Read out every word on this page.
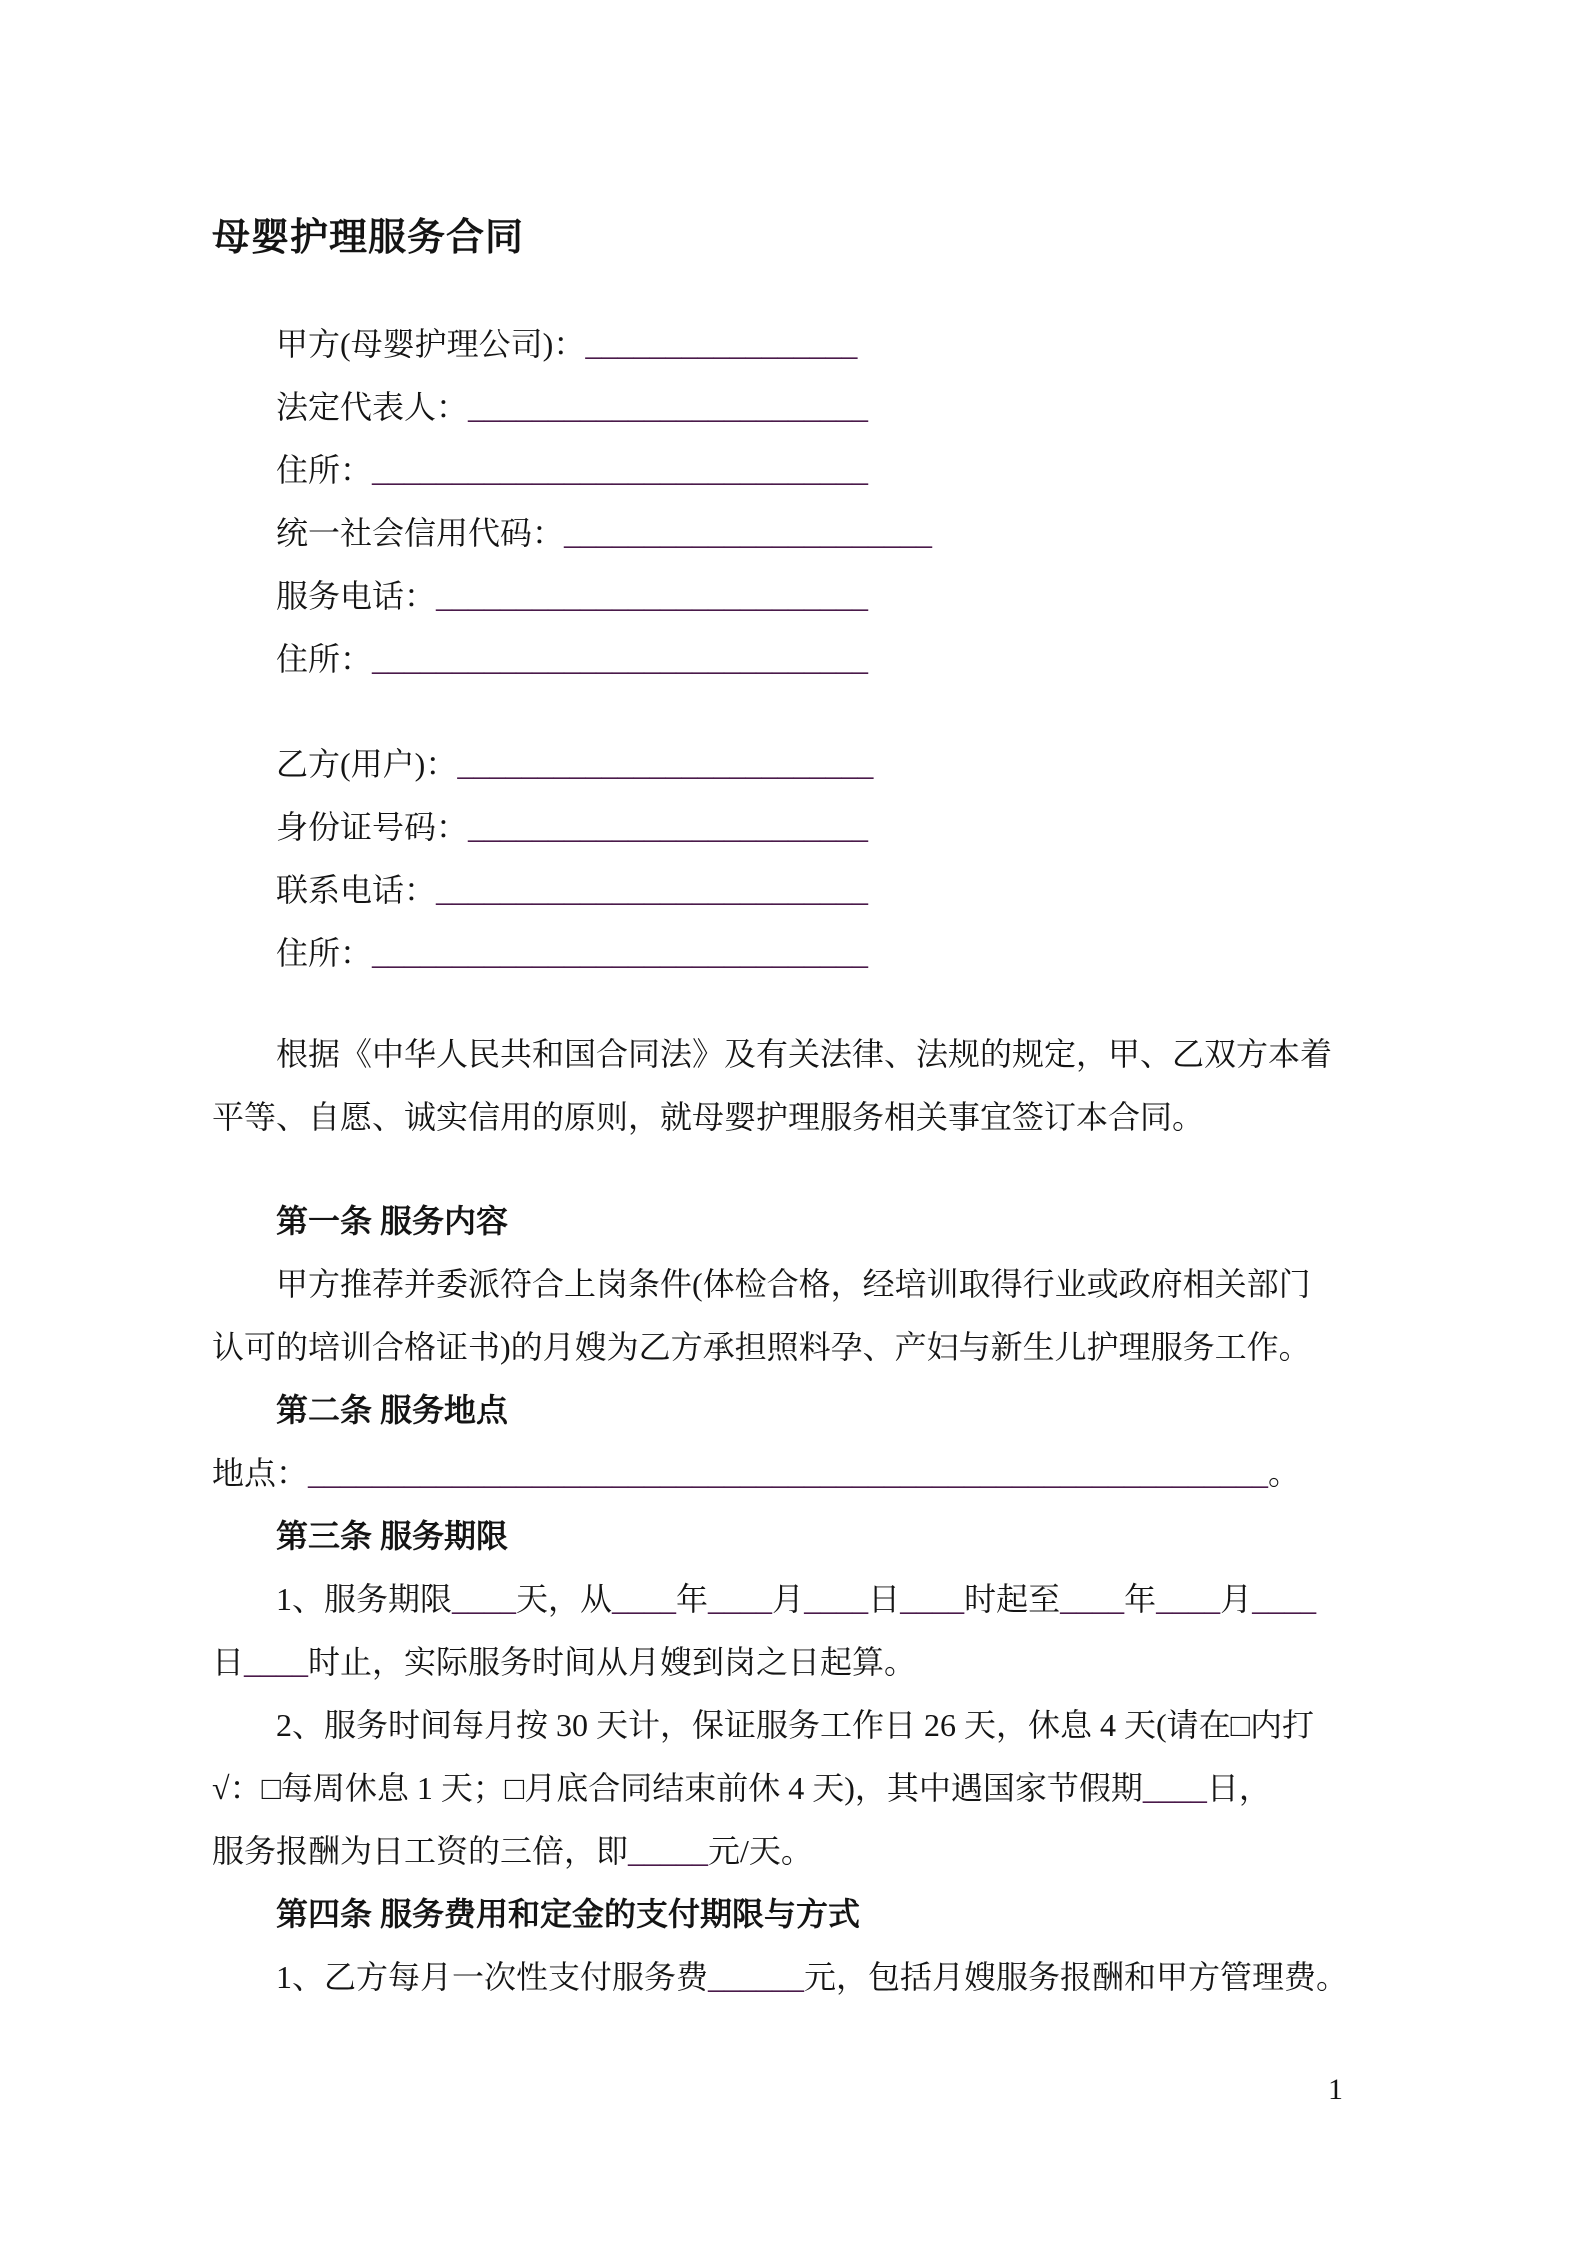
母婴护理服务合同
甲方(母婴护理公司)：_________________
法定代表人：_________________________
住所：_______________________________
统一社会信用代码：_______________________
服务电话：___________________________
住所：_______________________________
乙方(用户)：__________________________
身份证号码：_________________________
联系电话：___________________________
住所：_______________________________
根据《中华人民共和国合同法》及有关法律、法规的规定，甲、乙双方本着
平等、自愿、诚实信用的原则，就母婴护理服务相关事宜签订本合同。
第一条 服务内容
甲方推荐并委派符合上岗条件(体检合格，经培训取得行业或政府相关部门
认可的培训合格证书)的月嫂为乙方承担照料孕、产妇与新生儿护理服务工作。
第二条 服务地点
地点：____________________________________________________________。
第三条 服务期限
1、服务期限____天，从____年____月____日____时起至____年____月____
日____时止，实际服务时间从月嫂到岗之日起算。
2、服务时间每月按 30 天计，保证服务工作日 26 天，休息 4 天(请在□内打
√：□每周休息 1 天；□月底合同结束前休 4 天)，其中遇国家节假期____日，
服务报酬为日工资的三倍，即_____元/天。
第四条 服务费用和定金的支付期限与方式
1、乙方每月一次性支付服务费______元，包括月嫂服务报酬和甲方管理费。
1
